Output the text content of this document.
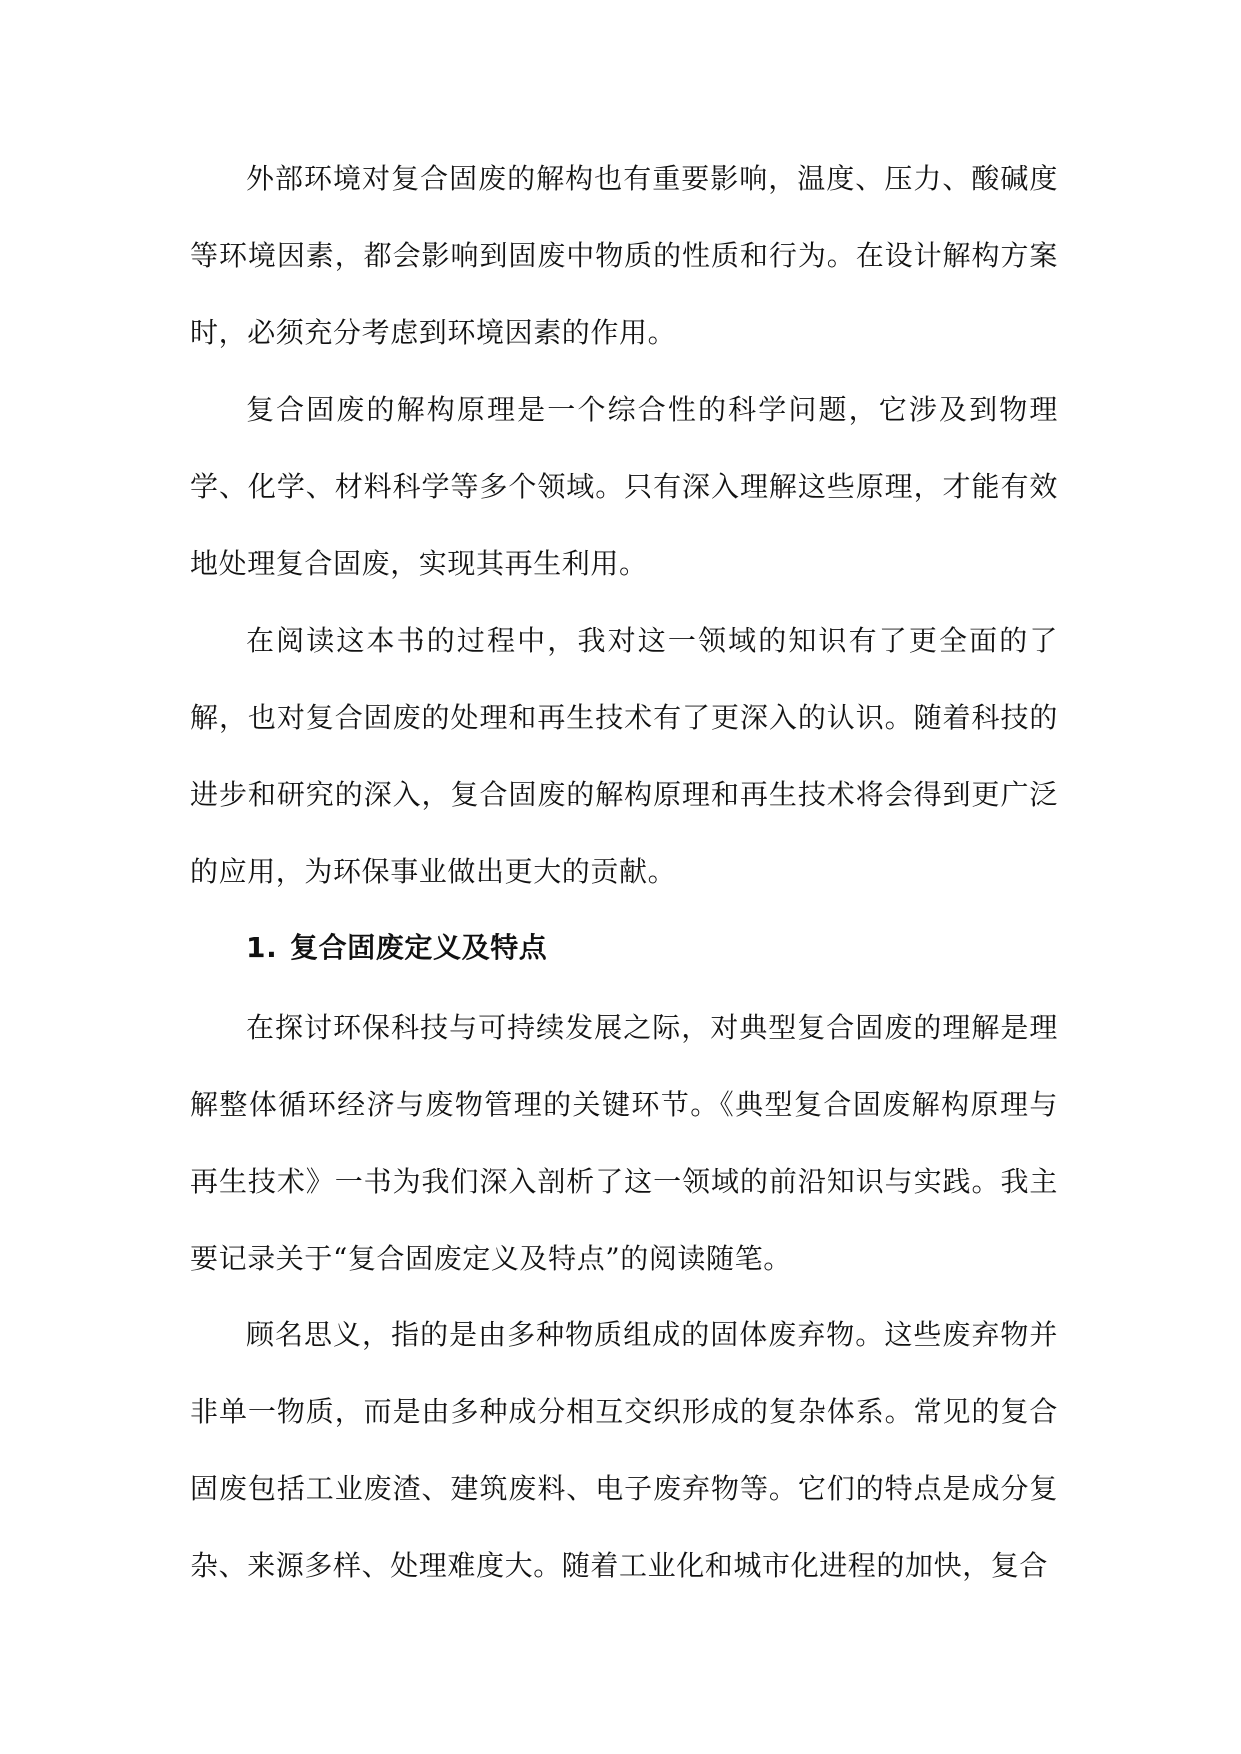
外部环境对复合固废的解构也有重要影响，温度、压力、酸碱度等环境因素，都会影响到固废中物质的性质和行为。在设计解构方案时，必须充分考虑到环境因素的作用。

复合固废的解构原理是一个综合性的科学问题，它涉及到物理学、化学、材料科学等多个领域。只有深入理解这些原理，才能有效地处理复合固废，实现其再生利用。

在阅读这本书的过程中，我对这一领域的知识有了更全面的了解，也对复合固废的处理和再生技术有了更深入的认识。随着科技的进步和研究的深入，复合固废的解构原理和再生技术将会得到更广泛的应用，为环保事业做出更大的贡献。

1. 复合固废定义及特点

在探讨环保科技与可持续发展之际，对典型复合固废的理解是理解整体循环经济与废物管理的关键环节。《典型复合固废解构原理与再生技术》一书为我们深入剖析了这一领域的前沿知识与实践。我主要记录关于“复合固废定义及特点”的阅读随笔。

顾名思义，指的是由多种物质组成的固体废弃物。这些废弃物并非单一物质，而是由多种成分相互交织形成的复杂体系。常见的复合固废包括工业废渣、建筑废料、电子废弃物等。它们的特点是成分复杂、来源多样、处理难度大。随着工业化和城市化进程的加快，复合
